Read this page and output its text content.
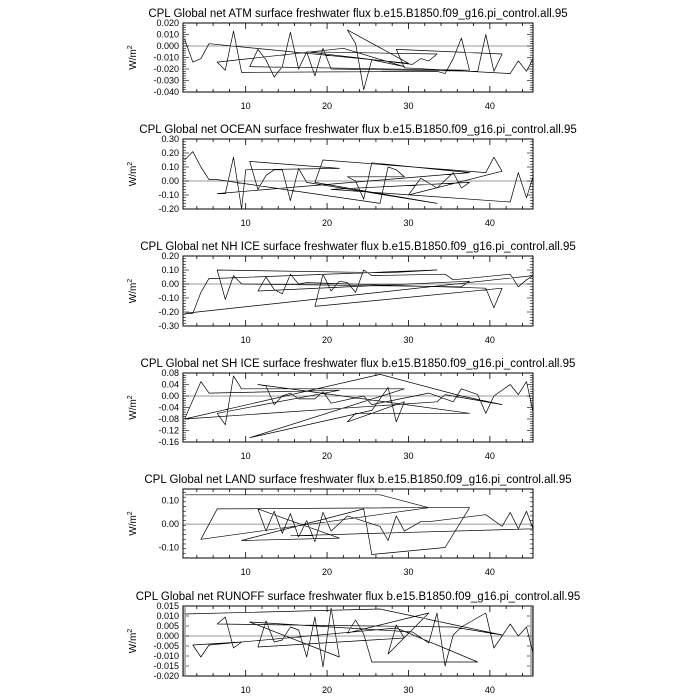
CPL Global net ATM surface freshwater flux b.e15.B1850.f09_g16.pi_control.all.95
$W/m^2$
10	20	30	40
-0.040
-0.030
-0.020
-0.010
0.000
0.010
0.020
CPL Global net OCEAN surface freshwater flux b.e15.B1850.f09_g16.pi_control.all.95
$W/m^2$
10	20	30	40
-0.20
-0.10
0.00
0.10
0.20
0.30
CPL Global net NH ICE surface freshwater flux b.e15.B1850.f09_g16.pi_control.all.95
$W/m^2$
10	20	30	40
-0.30
-0.20
-0.10
0.00
0.10
0.20
CPL Global net SH ICE surface freshwater flux b.e15.B1850.f09_g16.pi_control.all.95
$W/m^2$
10	20	30	40
-0.16
-0.12
-0.08
-0.04
0.00
0.04
0.08
CPL Global net LAND surface freshwater flux b.e15.B1850.f09_g16.pi_control.all.95
$W/m^2$
10	20	30	40
-0.10
0.00
0.10
CPL Global net RUNOFF surface freshwater flux b.e15.B1850.f09_g16.pi_control.all.95
$W/m^2$
10	20	30	40
-0.020
-0.015
-0.010
-0.005
0.000
0.005
0.010
0.015
